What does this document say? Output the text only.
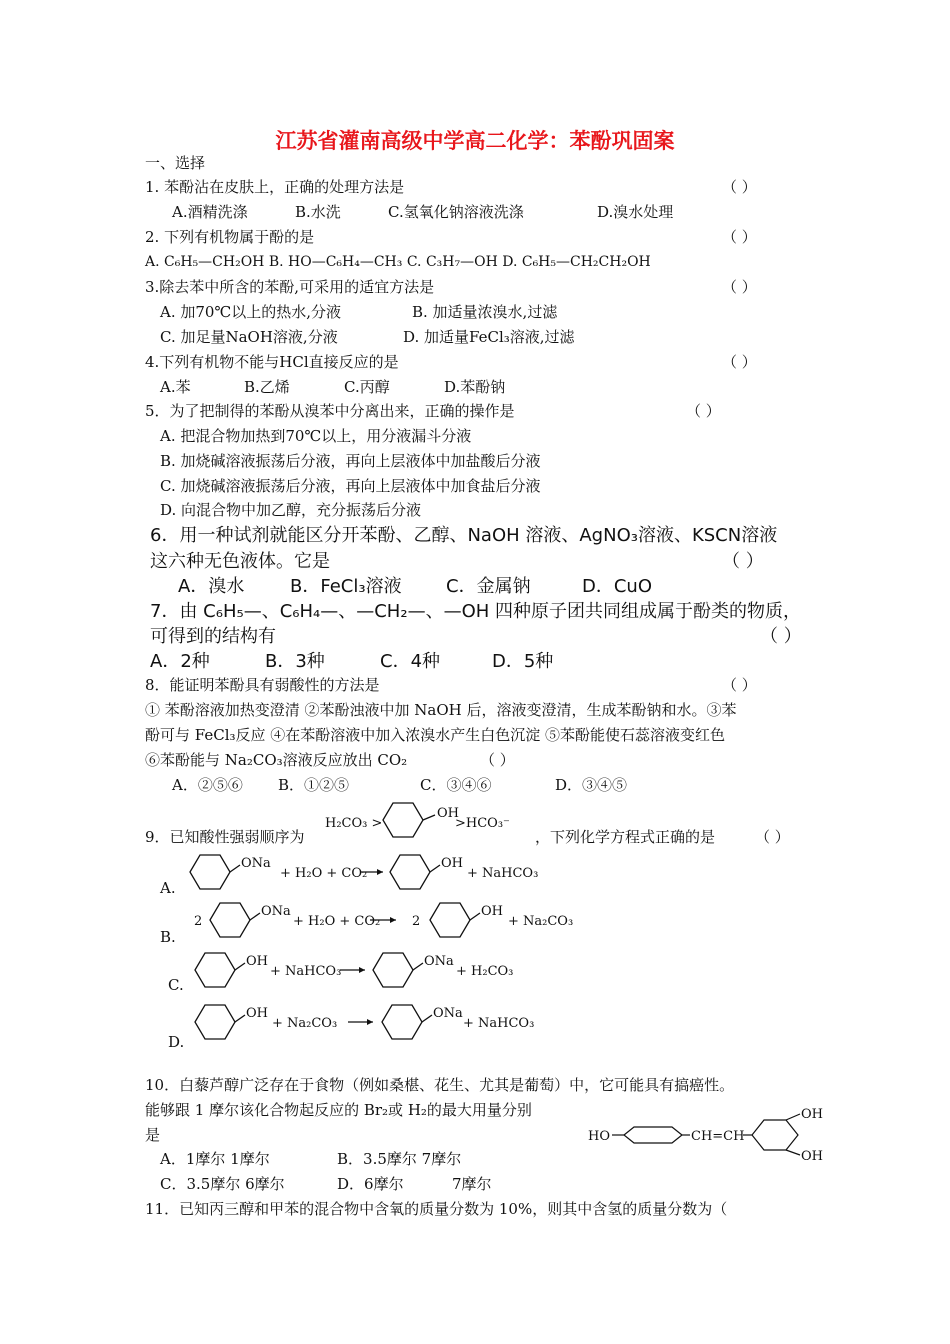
江苏省灌南高级中学高二化学：苯酚巩固案
一、选择
1. 苯酚沾在皮肤上，正确的处理方法是	（ ）
A.酒精洗涤	B.水洗	C.氢氧化钠溶液洗涤	D.溴水处理
2. 下列有机物属于酚的是	（ ）
A. C₆H₅—CH₂OH B. HO—C₆H₄—CH₃ C. C₃H₇—OH D. C₆H₅—CH₂CH₂OH
3.除去苯中所含的苯酚,可采用的适宜方法是	（ ）
A. 加70℃以上的热水,分液	B. 加适量浓溴水,过滤
C. 加足量NaOH溶液,分液	D. 加适量FeCl₃溶液,过滤
4.下列有机物不能与HCl直接反应的是	（ ）
A.苯	B.乙烯	C.丙醇	D.苯酚钠
5．为了把制得的苯酚从溴苯中分离出来，正确的操作是	（ ）
A. 把混合物加热到70℃以上，用分液漏斗分液
B. 加烧碱溶液振荡后分液，再向上层液体中加盐酸后分液
C. 加烧碱溶液振荡后分液，再向上层液体中加食盐后分液
D. 向混合物中加乙醇，充分振荡后分液
6．用一种试剂就能区分开苯酚、乙醇、NaOH 溶液、AgNO₃溶液、KSCN溶液
这六种无色液体。它是	（ ）
A．溴水	B．FeCl₃溶液 C．金属钠	D．CuO
7．由 C₆H₅—、C₆H₄—、—CH₂—、—OH 四种原子团共同组成属于酚类的物质，
可得到的结构有	（ ）
A．2种	B．3种	C．4种	D．5种
8．能证明苯酚具有弱酸性的方法是	（ ）
① 苯酚溶液加热变澄清 ②苯酚浊液中加 NaOH 后，溶液变澄清，生成苯酚钠和水。③苯
酚可与 FeCl₃反应 ④在苯酚溶液中加入浓溴水产生白色沉淀 ⑤苯酚能使石蕊溶液变红色
⑥苯酚能与 Na₂CO₃溶液反应放出 CO₂	（ ）
A．②⑤⑥ B．①②⑤	C．③④⑥	D．③④⑤
9．已知酸性强弱顺序为
H₂CO₃ >
OH
>HCO₃⁻
，下列化学方程式正确的是	（ ）
A.
ONa
+ H₂O + CO₂
OH
+ NaHCO₃
B.
2
ONa
+ H₂O + CO₂ 2
OH
+ Na₂CO₃
C.
OH
+ NaHCO₃
ONa
+ H₂CO₃
D.
OH
+ Na₂CO₃
ONa
+ NaHCO₃
10．白藜芦醇广泛存在于食物（例如桑椹、花生、尤其是葡萄）中，它可能具有搞癌性。
能够跟 1 摩尔该化合物起反应的 Br₂或 H₂的最大用量分别
是	HO	CH=CH
OH
OH
A．1摩尔 1摩尔	B．3.5摩尔 7摩尔
C．3.5摩尔 6摩尔	D．6摩尔	7摩尔
11．已知丙三醇和甲苯的混合物中含氧的质量分数为 10%，则其中含氢的质量分数为（
